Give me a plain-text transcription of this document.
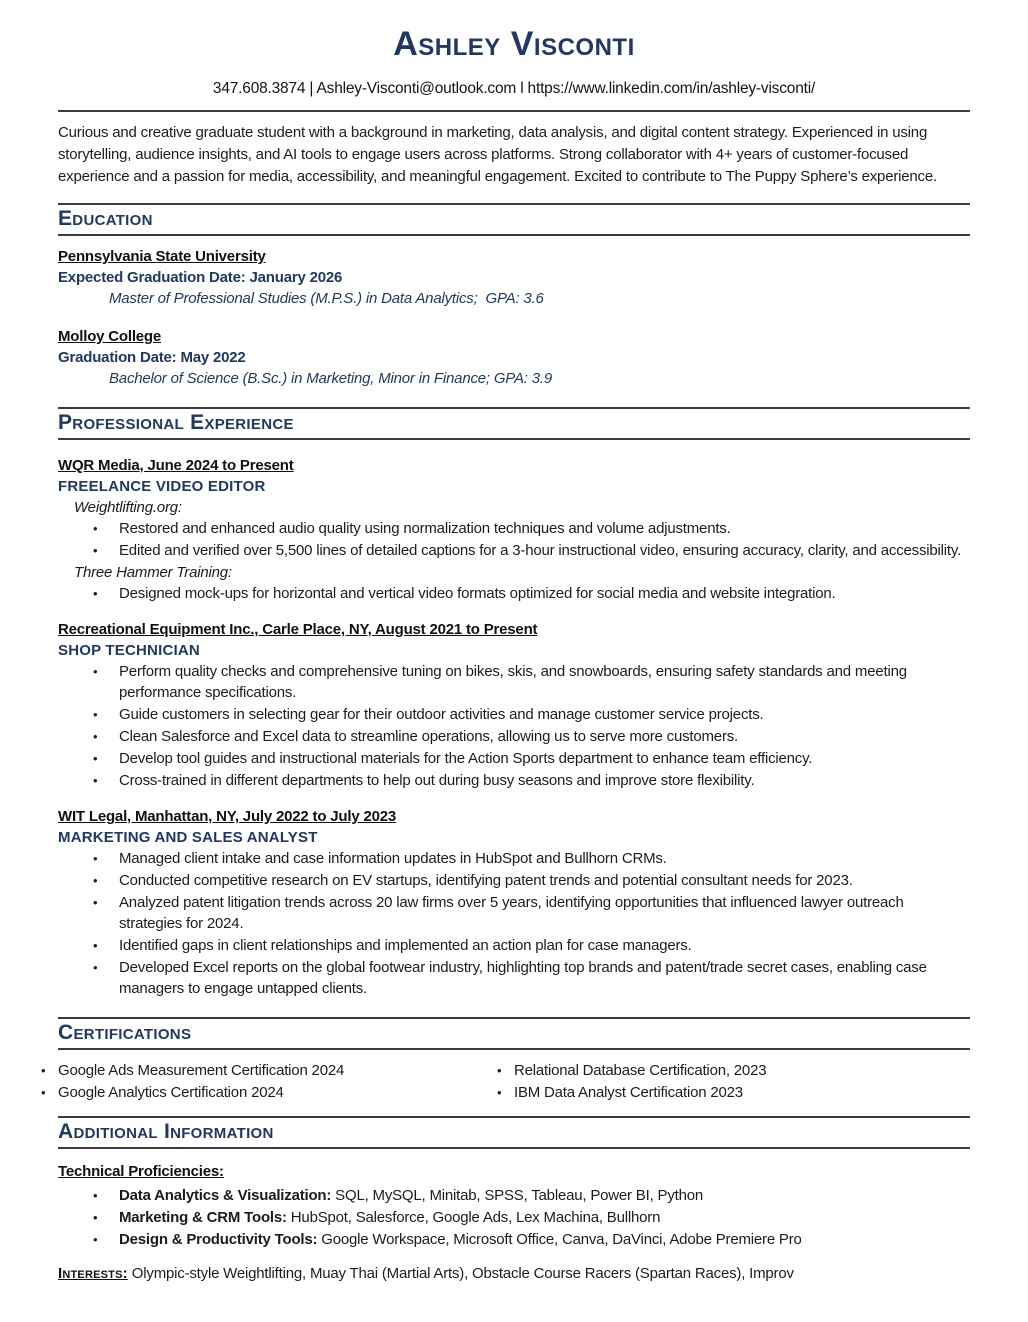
Ashley Visconti
347.608.3874 | Ashley-Visconti@outlook.com l https://www.linkedin.com/in/ashley-visconti/

Curious and creative graduate student with a background in marketing, data analysis, and digital content strategy. Experienced in using storytelling, audience insights, and AI tools to engage users across platforms. Strong collaborator with 4+ years of customer-focused experience and a passion for media, accessibility, and meaningful engagement. Excited to contribute to The Puppy Sphere’s experience.

Education
Pennsylvania State University
Expected Graduation Date: January 2026
Master of Professional Studies (M.P.S.) in Data Analytics;  GPA: 3.6
Molloy College
Graduation Date: May 2022
Bachelor of Science (B.Sc.) in Marketing, Minor in Finance; GPA: 3.9
Professional Experience
WQR Media, June 2024 to Present
FREELANCE VIDEO EDITOR
Weightlifting.org:
• Restored and enhanced audio quality using normalization techniques and volume adjustments.
• Edited and verified over 5,500 lines of detailed captions for a 3-hour instructional video, ensuring accuracy, clarity, and accessibility.
Three Hammer Training:
• Designed mock-ups for horizontal and vertical video formats optimized for social media and website integration.
Recreational Equipment Inc., Carle Place, NY, August 2021 to Present
SHOP TECHNICIAN
• Perform quality checks and comprehensive tuning on bikes, skis, and snowboards, ensuring safety standards and meeting performance specifications.
• Guide customers in selecting gear for their outdoor activities and manage customer service projects.
• Clean Salesforce and Excel data to streamline operations, allowing us to serve more customers.
• Develop tool guides and instructional materials for the Action Sports department to enhance team efficiency.
• Cross-trained in different departments to help out during busy seasons and improve store flexibility.
WIT Legal, Manhattan, NY, July 2022 to July 2023
MARKETING AND SALES ANALYST
• Managed client intake and case information updates in HubSpot and Bullhorn CRMs.
• Conducted competitive research on EV startups, identifying patent trends and potential consultant needs for 2023.
• Analyzed patent litigation trends across 20 law firms over 5 years, identifying opportunities that influenced lawyer outreach strategies for 2024.
• Identified gaps in client relationships and implemented an action plan for case managers.
• Developed Excel reports on the global footwear industry, highlighting top brands and patent/trade secret cases, enabling case managers to engage untapped clients.
Certifications
• Google Ads Measurement Certification 2024
• Google Analytics Certification 2024
• Relational Database Certification, 2023
• IBM Data Analyst Certification 2023
Additional Information
Technical Proficiencies:
• Data Analytics & Visualization: SQL, MySQL, Minitab, SPSS, Tableau, Power BI, Python
• Marketing & CRM Tools: HubSpot, Salesforce, Google Ads, Lex Machina, Bullhorn
• Design & Productivity Tools: Google Workspace, Microsoft Office, Canva, DaVinci, Adobe Premiere Pro
Interests: Olympic-style Weightlifting, Muay Thai (Martial Arts), Obstacle Course Racers (Spartan Races), Improv
